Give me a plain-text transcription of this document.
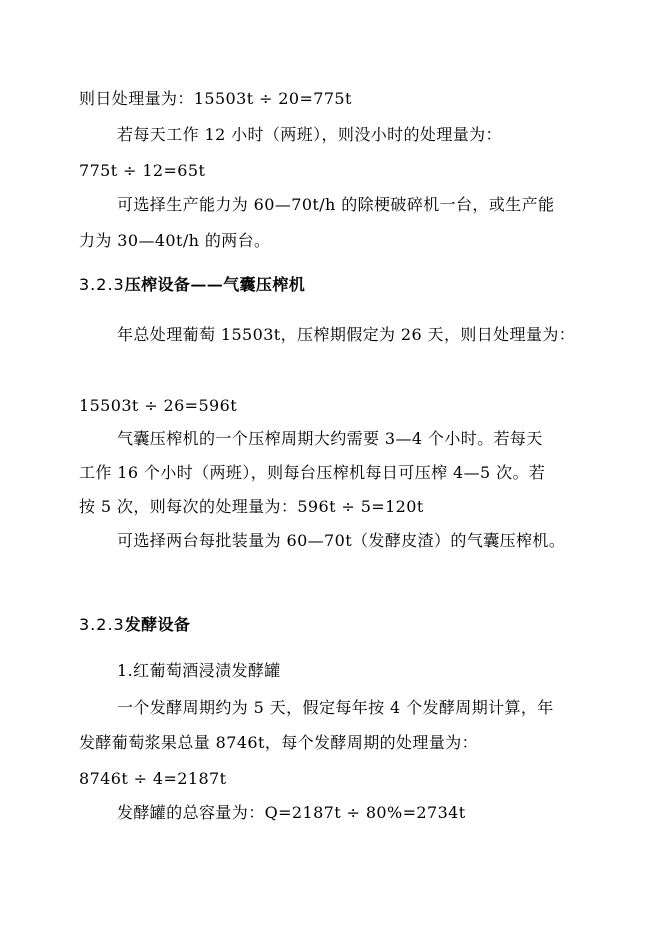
则日处理量为：15503t ÷ 20=775t
若每天工作 12 小时（两班），则没小时的处理量为：
775t ÷ 12=65t
可选择生产能力为 60—70t/h 的除梗破碎机一台，或生产能
力为 30—40t/h 的两台。
3.2.3压榨设备——气囊压榨机
年总处理葡萄 15503t，压榨期假定为 26 天，则日处理量为：
15503t ÷ 26=596t
气囊压榨机的一个压榨周期大约需要 3—4 个小时。若每天
工作 16 个小时（两班），则每台压榨机每日可压榨 4—5 次。若
按 5 次，则每次的处理量为：596t ÷ 5=120t
可选择两台每批装量为 60—70t（发酵皮渣）的气囊压榨机。
3.2.3发酵设备
1.红葡萄酒浸渍发酵罐
一个发酵周期约为 5 天，假定每年按 4 个发酵周期计算，年
发酵葡萄浆果总量 8746t，每个发酵周期的处理量为：
8746t ÷ 4=2187t
发酵罐的总容量为：Q=2187t ÷ 80%=2734t
